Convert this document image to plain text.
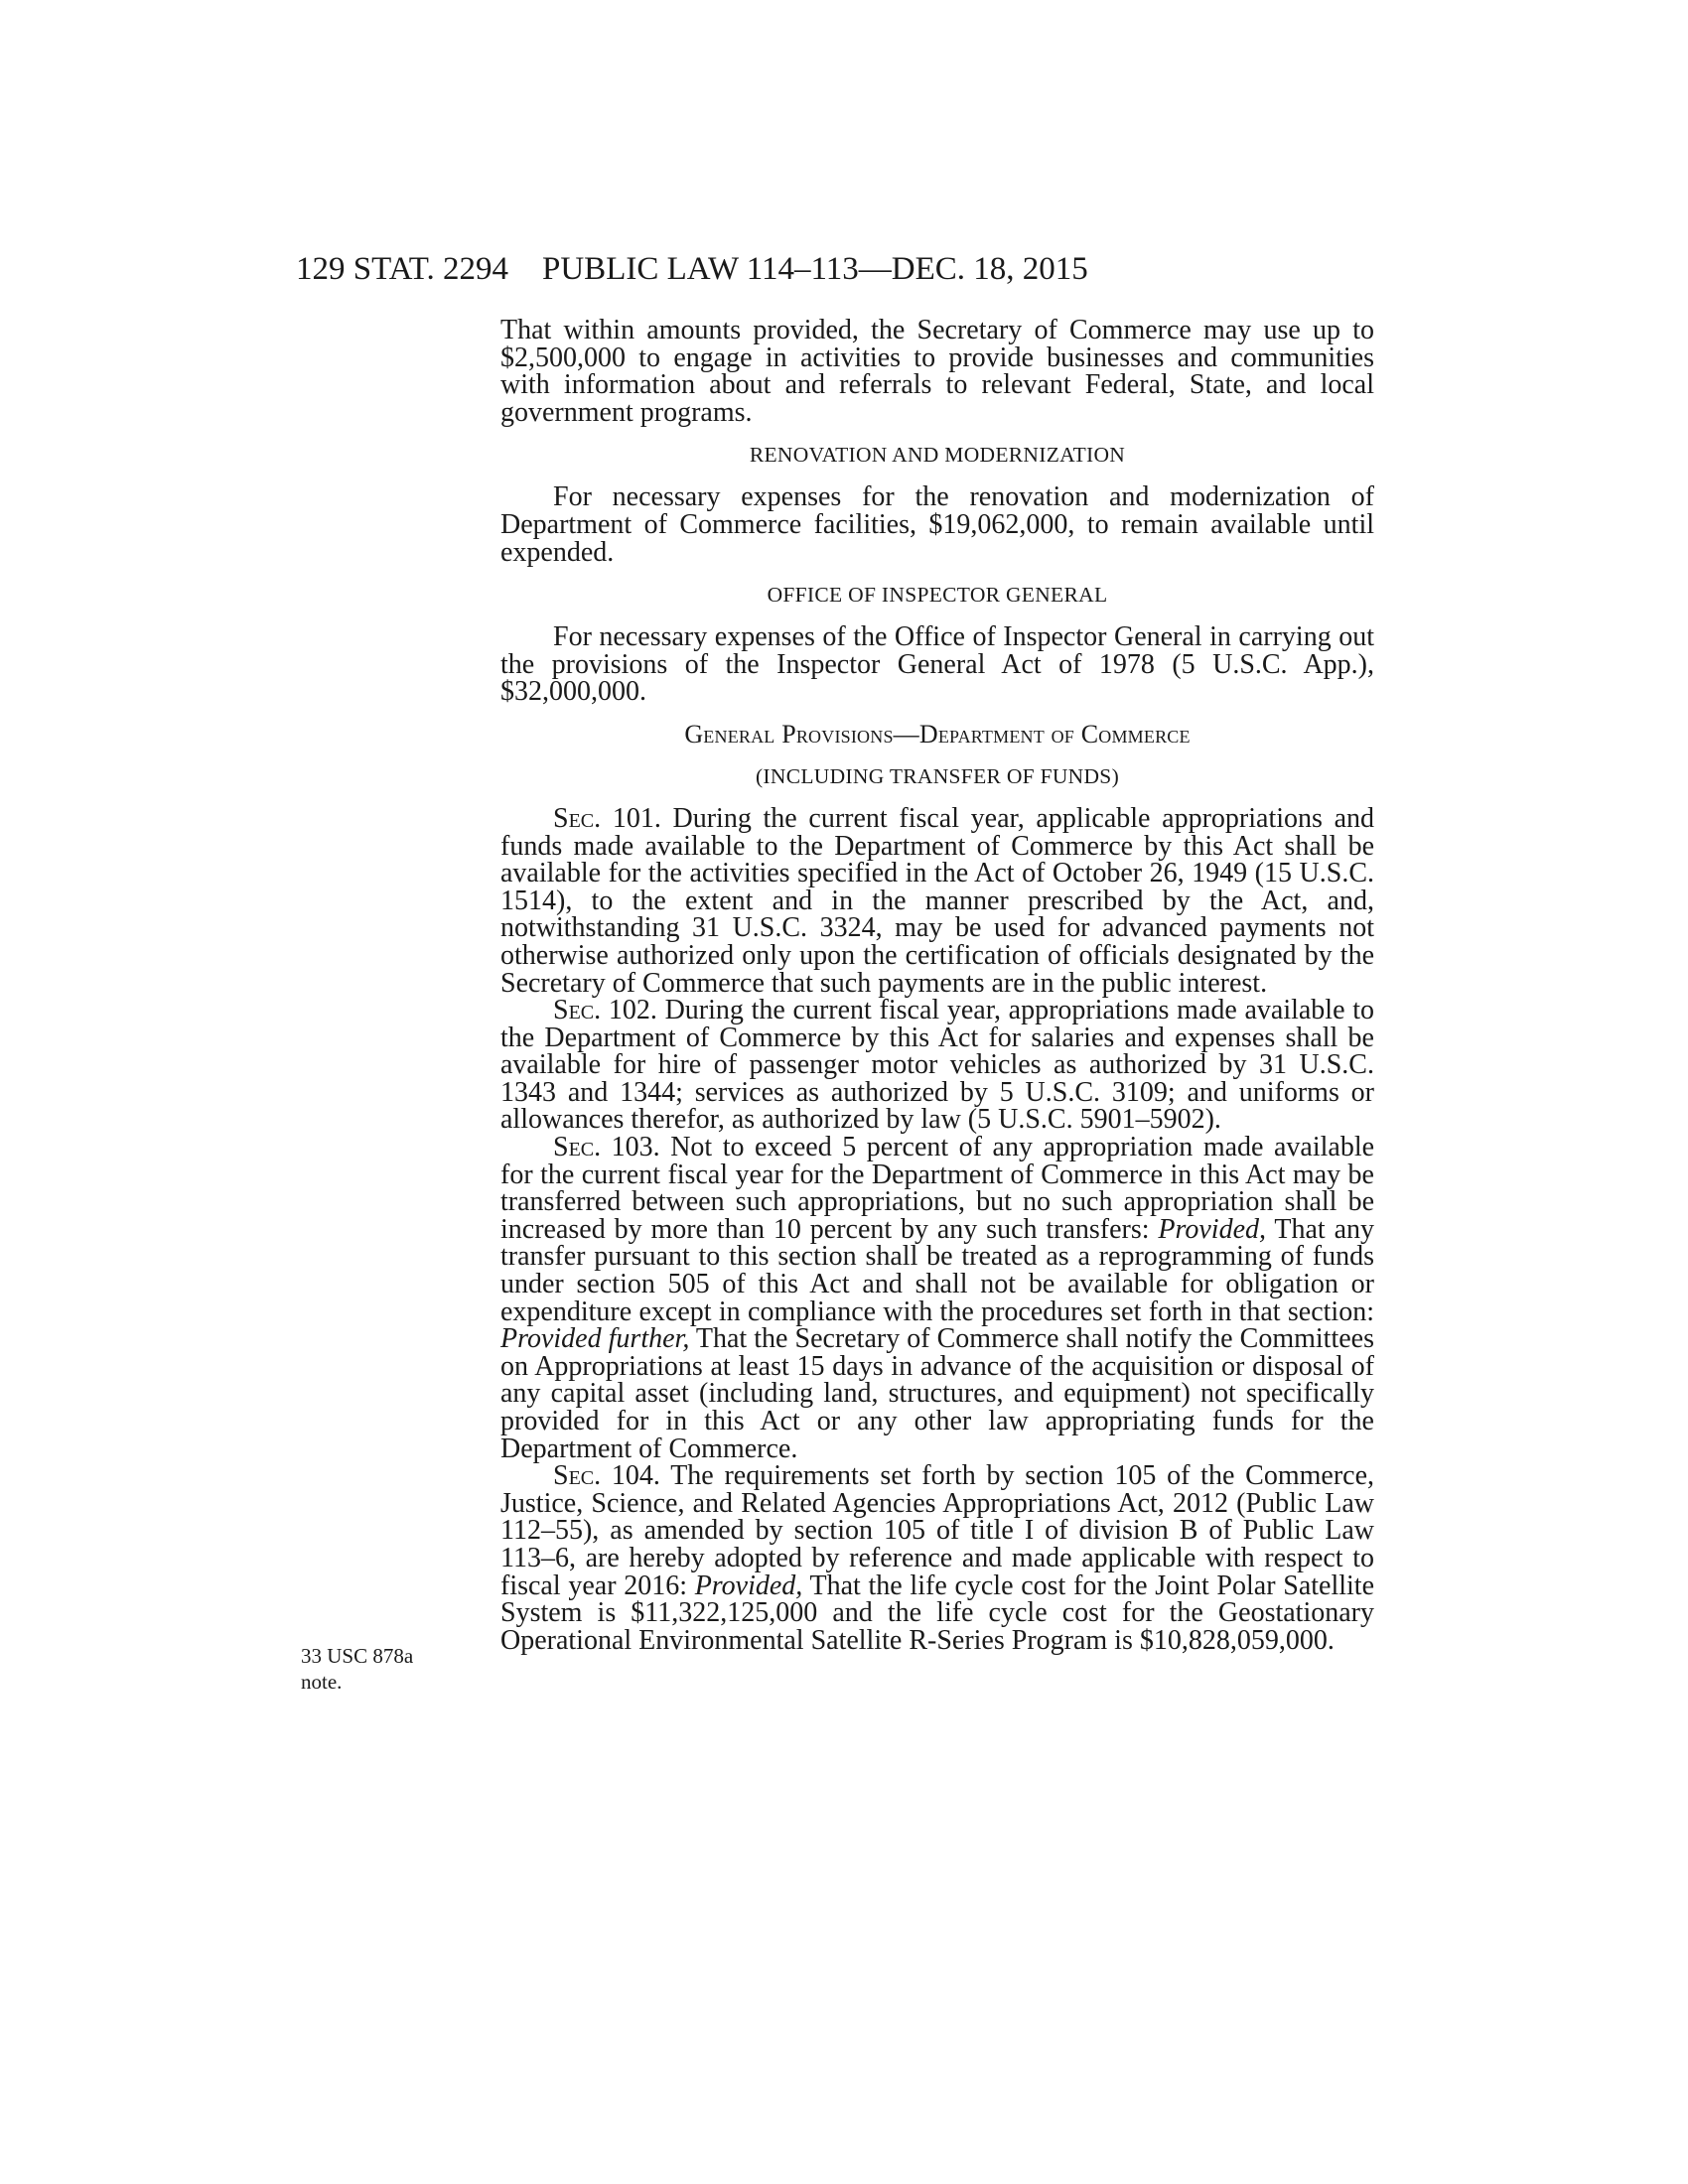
129 STAT. 2294 PUBLIC LAW 114–113—DEC. 18, 2015
33 USC 878a
note.

That within amounts provided, the Secretary of Commerce may use up to $2,500,000 to engage in activities to provide businesses and communities with information about and referrals to relevant Federal, State, and local government programs.

RENOVATION AND MODERNIZATION

For necessary expenses for the renovation and modernization of Department of Commerce facilities, $19,062,000, to remain available until expended.

OFFICE OF INSPECTOR GENERAL

For necessary expenses of the Office of Inspector General in carrying out the provisions of the Inspector General Act of 1978 (5 U.S.C. App.), $32,000,000.

General Provisions—Department of Commerce
(INCLUDING TRANSFER OF FUNDS)

Sec. 101. During the current fiscal year, applicable appropriations and funds made available to the Department of Commerce by this Act shall be available for the activities specified in the Act of October 26, 1949 (15 U.S.C. 1514), to the extent and in the manner prescribed by the Act, and, notwithstanding 31 U.S.C. 3324, may be used for advanced payments not otherwise authorized only upon the certification of officials designated by the Secretary of Commerce that such payments are in the public interest.

Sec. 102. During the current fiscal year, appropriations made available to the Department of Commerce by this Act for salaries and expenses shall be available for hire of passenger motor vehicles as authorized by 31 U.S.C. 1343 and 1344; services as authorized by 5 U.S.C. 3109; and uniforms or allowances therefor, as authorized by law (5 U.S.C. 5901–5902).

Sec. 103. Not to exceed 5 percent of any appropriation made available for the current fiscal year for the Department of Commerce in this Act may be transferred between such appropriations, but no such appropriation shall be increased by more than 10 percent by any such transfers: Provided, That any transfer pursuant to this section shall be treated as a reprogramming of funds under section 505 of this Act and shall not be available for obligation or expenditure except in compliance with the procedures set forth in that section: Provided further, That the Secretary of Commerce shall notify the Committees on Appropriations at least 15 days in advance of the acquisition or disposal of any capital asset (including land, structures, and equipment) not specifically provided for in this Act or any other law appropriating funds for the Department of Commerce.

Sec. 104. The requirements set forth by section 105 of the Commerce, Justice, Science, and Related Agencies Appropriations Act, 2012 (Public Law 112–55), as amended by section 105 of title I of division B of Public Law 113–6, are hereby adopted by reference and made applicable with respect to fiscal year 2016: Provided, That the life cycle cost for the Joint Polar Satellite System is $11,322,125,000 and the life cycle cost for the Geostationary Operational Environmental Satellite R-Series Program is $10,828,059,000.
